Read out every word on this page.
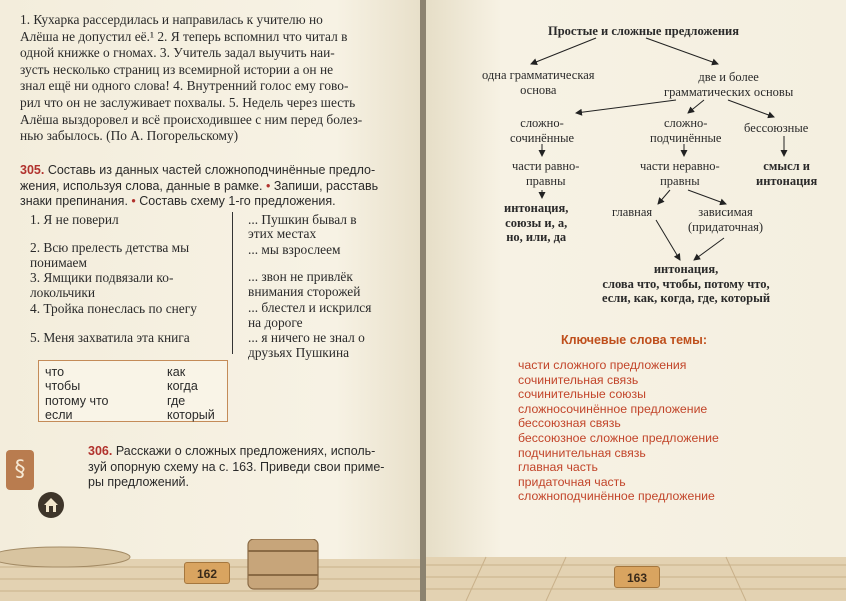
1. Кухарка рассердилась и направилась к учителю но
Алёша не допустил её.¹ 2. Я теперь вспомнил что читал в
одной книжке о гномах. 3. Учитель задал выучить наи-
зусть несколько страниц из всемирной истории а он не
знал ещё ни одного слова! 4. Внутренний голос ему гово-
рил что он не заслуживает похвалы. 5. Недель через шесть
Алёша выздоровел и всё происходившее с ним перед болез-
нью забылось. (По А. Погорельскому)
305. Составь из данных частей сложноподчинённые предло-
жения, используя слова, данные в рамке. • Запиши, расставь
знаки препинания. • Составь схему 1-го предложения.
1. Я не поверил
2. Всю прелесть детства мы
понимаем
3. Ямщики подвязали ко-
локольчики
4. Тройка понеслась по снегу
5. Меня захватила эта книга
... Пушкин бывал в
этих местах
... мы взрослеем
... звон не привлёк
внимания сторожей
... блестел и искрился
на дороге
... я ничего не знал о
друзьях Пушкина
что
чтобы
потому что
если
как
когда
где
который
§
306. Расскажи о сложных предложениях, исполь-
зуй опорную схему на с. 163. Приведи свои приме-
ры предложений.
162
Простые и сложные предложения
одна грамматическая
основа
две и более
грамматических основы
сложно-
сочинённые
сложно-
подчинённые
бессоюзные
части равно-
правны
части неравно-
правны
смысл и
интонация
интонация,
союзы и, а,
но, или, да
главная	зависимая
(придаточная)
интонация,
слова что, чтобы, потому что,
если, как, когда, где, который
Ключевые слова темы:
части сложного предложения
сочинительная связь
сочинительные союзы
сложносочинённое предложение
бессоюзная связь
бессоюзное сложное предложение
подчинительная связь
главная часть
придаточная часть
сложноподчинённое предложение
163
